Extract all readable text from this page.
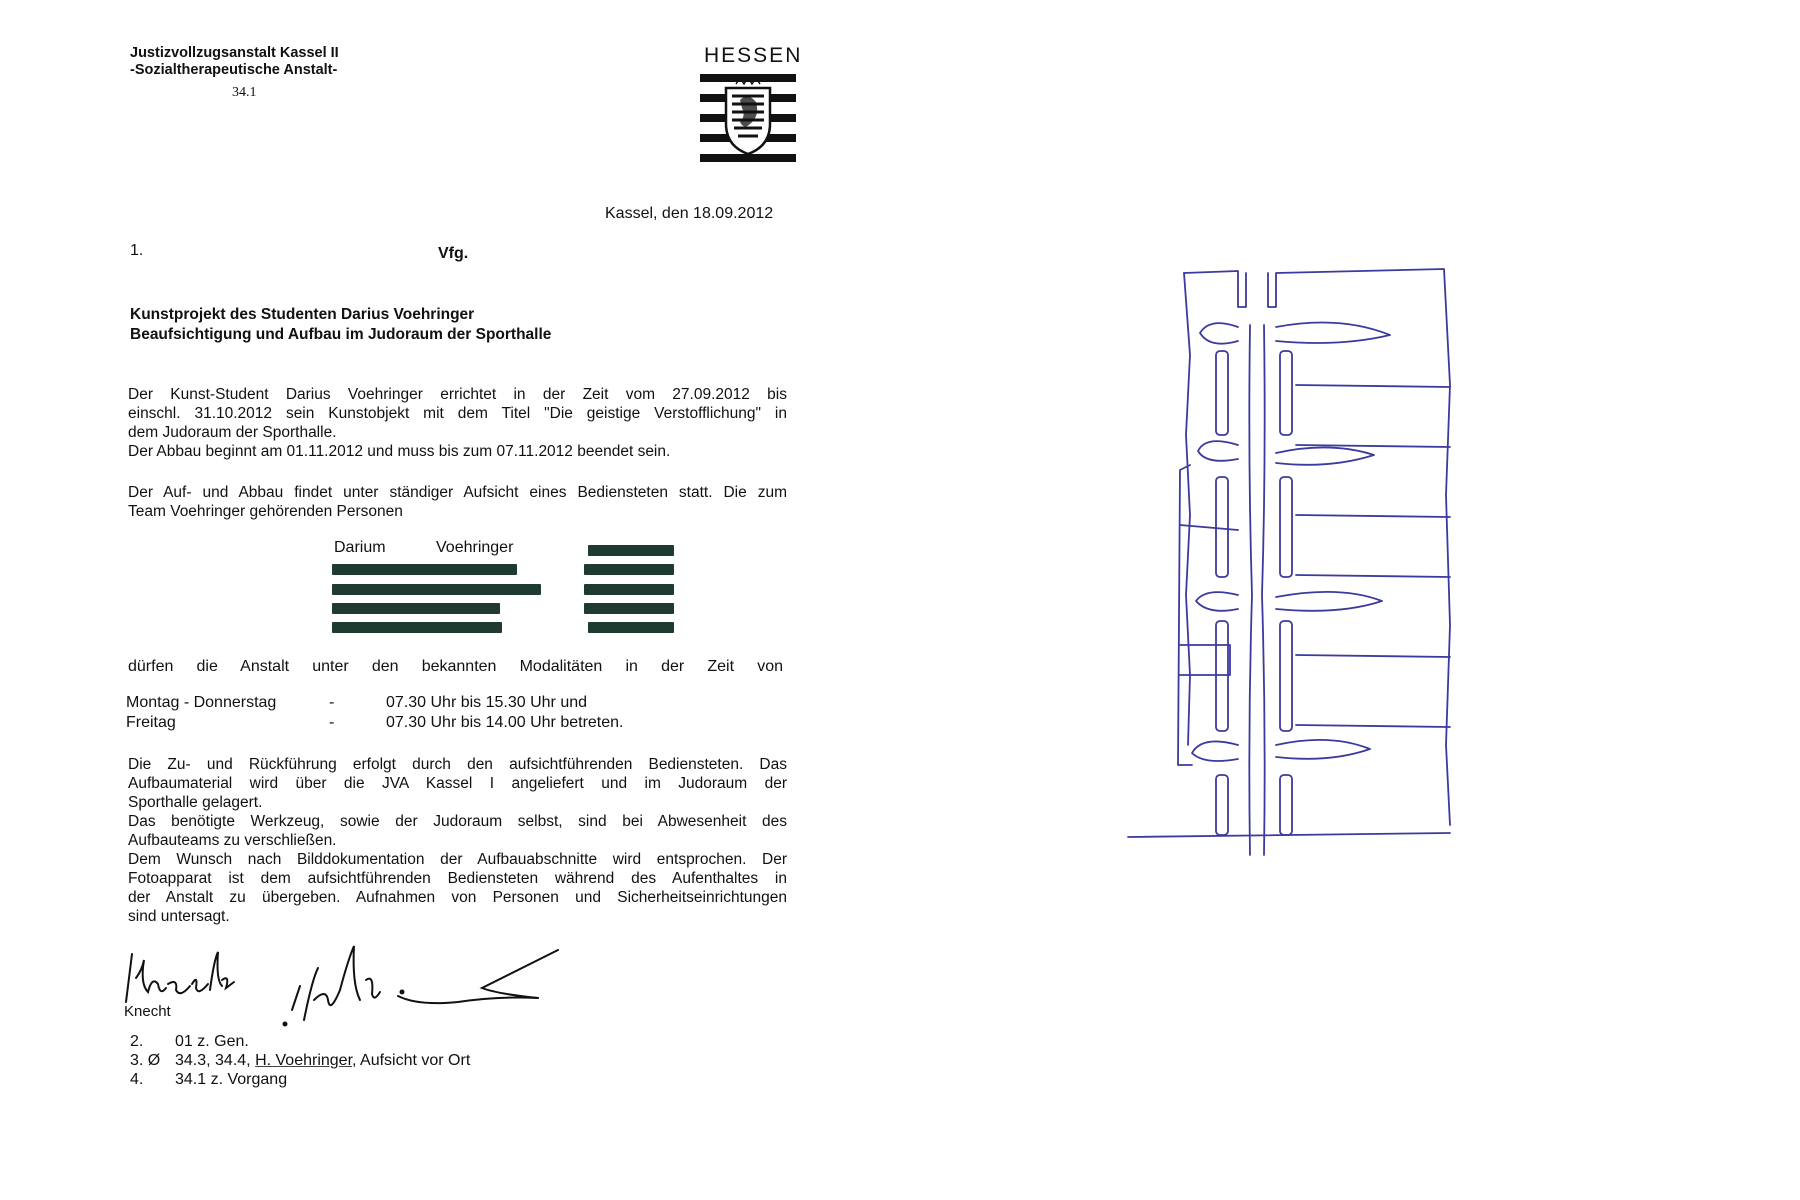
Justizvollzugsanstalt Kassel II
-Sozialtherapeutische Anstalt-
34.1
HESSEN
Kassel, den 18.09.2012
1.	Vfg.
Kunstprojekt des Studenten Darius Voehringer
Beaufsichtigung und Aufbau im Judoraum der Sporthalle
Der Kunst-Student Darius Voehringer errichtet in der Zeit vom 27.09.2012 bis
einschl. 31.10.2012 sein Kunstobjekt mit dem Titel "Die geistige Verstofflichung" in
dem Judoraum der Sporthalle.
Der Abbau beginnt am 01.11.2012 und muss bis zum 07.11.2012 beendet sein.
Der Auf- und Abbau findet unter ständiger Aufsicht eines Bediensteten statt. Die zum
Team Voehringer gehörenden Personen
Darium	Voehringer
dürfen die Anstalt unter den bekannten Modalitäten in der Zeit von
Montag - Donnerstag	-	07.30 Uhr bis 15.30 Uhr und
Freitag	-	07.30 Uhr bis 14.00 Uhr betreten.
Die Zu- und Rückführung erfolgt durch den aufsichtführenden Bediensteten. Das
Aufbaumaterial wird über die JVA Kassel I angeliefert und im Judoraum der
Sporthalle gelagert.
Das benötigte Werkzeug, sowie der Judoraum selbst, sind bei Abwesenheit des
Aufbauteams zu verschließen.
Dem Wunsch nach Bilddokumentation der Aufbauabschnitte wird entsprochen. Der
Fotoapparat ist dem aufsichtführenden Bediensteten während des Aufenthaltes in
der Anstalt zu übergeben. Aufnahmen von Personen und Sicherheitseinrichtungen
sind untersagt.
Knecht
2. 01 z. Gen.
3. Ø 34.3, 34.4, H. Voehringer, Aufsicht vor Ort
4. 34.1 z. Vorgang
